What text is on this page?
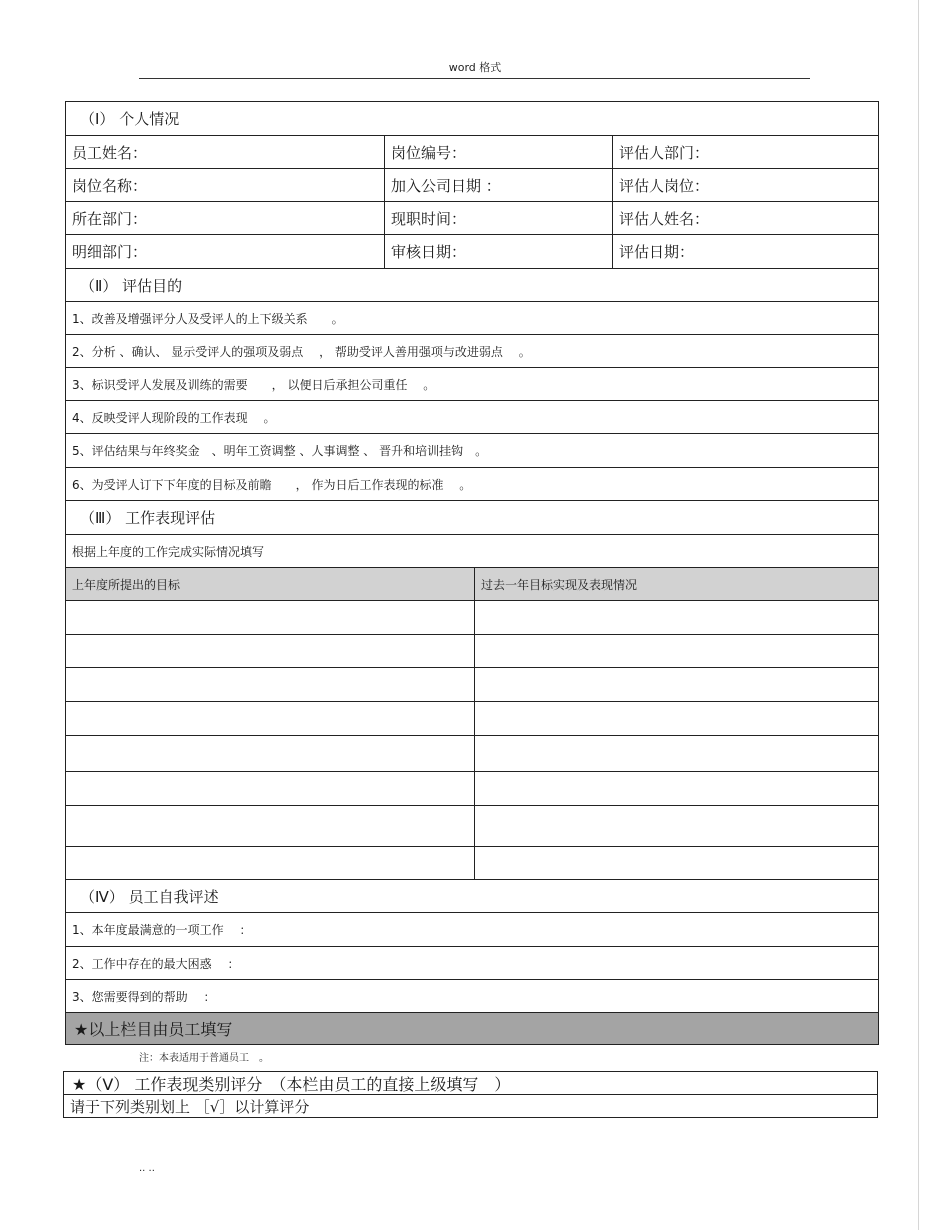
word 格式
（Ⅰ） 个人情况
员工姓名：	岗位编号：	评估人部门：
岗位名称：	加入公司日期 ：	评估人岗位：
所在部门：	现职时间：	评估人姓名：
明细部门：	审核日期：	评估日期：
（Ⅱ） 评估目的
1、改善及增强评分人及受评人的上下级关系　　。
2、分析 、确认、 显示受评人的强项及弱点　 ， 帮助受评人善用强项与改进弱点　 。
3、标识受评人发展及训练的需要　　， 以便日后承担公司重任　 。
4、反映受评人现阶段的工作表现　 。
5、评估结果与年终奖金　、明年工资调整 、人事调整 、 晋升和培训挂钩　。
6、为受评人订下下年度的目标及前瞻　　， 作为日后工作表现的标准　 。
（Ⅲ） 工作表现评估
根据上年度的工作完成实际情况填写
上年度所提出的目标	过去一年目标实现及表现情况
（Ⅳ） 员工自我评述
1、本年度最满意的一项工作　 ：
2、工作中存在的最大困惑　 ：
3、您需要得到的帮助　 ：
★以上栏目由员工填写
注：本表适用于普通员工　。
★（Ⅴ） 工作表现类别评分　（本栏由员工的直接上级填写　）
请于下列类别划上 ［√］以计算评分
.. ..
